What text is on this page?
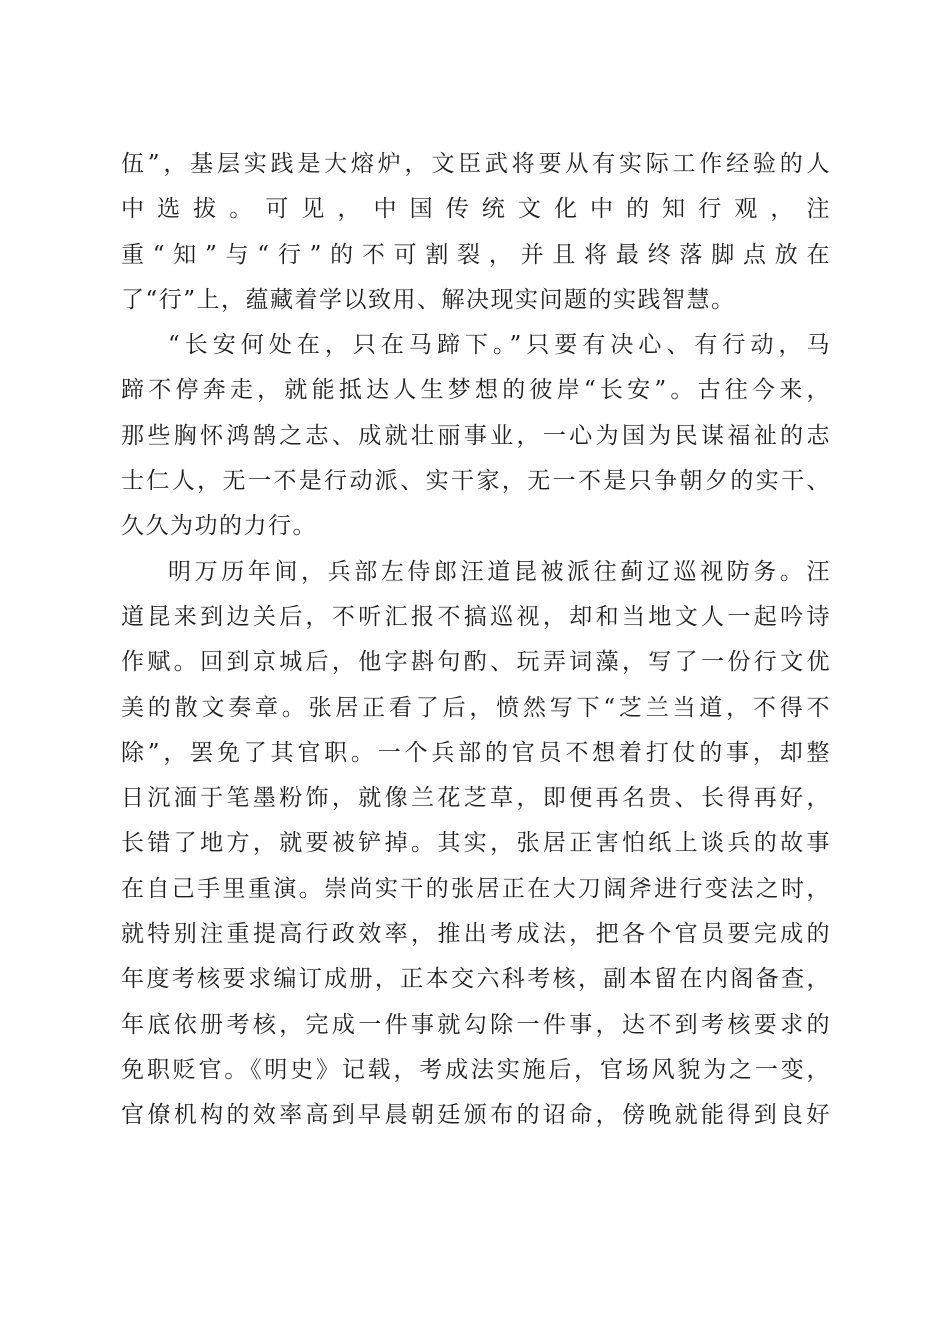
伍”，基层实践是大熔炉，文臣武将要从有实际工作经验的人
中选拔。可见，中国传统文化中的知行观，注
重“知”与“行”的不可割裂，并且将最终落脚点放在
了“行”上，蕴藏着学以致用、解决现实问题的实践智慧。
“长安何处在，只在马蹄下。”只要有决心、有行动，马
蹄不停奔走，就能抵达人生梦想的彼岸“长安”。古往今来，
那些胸怀鸿鹄之志、成就壮丽事业，一心为国为民谋福祉的志
士仁人，无一不是行动派、实干家，无一不是只争朝夕的实干、
久久为功的力行。
明万历年间，兵部左侍郎汪道昆被派往蓟辽巡视防务。汪
道昆来到边关后，不听汇报不搞巡视，却和当地文人一起吟诗
作赋。回到京城后，他字斟句酌、玩弄词藻，写了一份行文优
美的散文奏章。张居正看了后，愤然写下“芝兰当道，不得不
除”，罢免了其官职。一个兵部的官员不想着打仗的事，却整
日沉湎于笔墨粉饰，就像兰花芝草，即便再名贵、长得再好，
长错了地方，就要被铲掉。其实，张居正害怕纸上谈兵的故事
在自己手里重演。崇尚实干的张居正在大刀阔斧进行变法之时，
就特别注重提高行政效率，推出考成法，把各个官员要完成的
年度考核要求编订成册，正本交六科考核，副本留在内阁备查，
年底依册考核，完成一件事就勾除一件事，达不到考核要求的
免职贬官。《明史》记载，考成法实施后，官场风貌为之一变，
官僚机构的效率高到早晨朝廷颁布的诏命，傍晚就能得到良好
